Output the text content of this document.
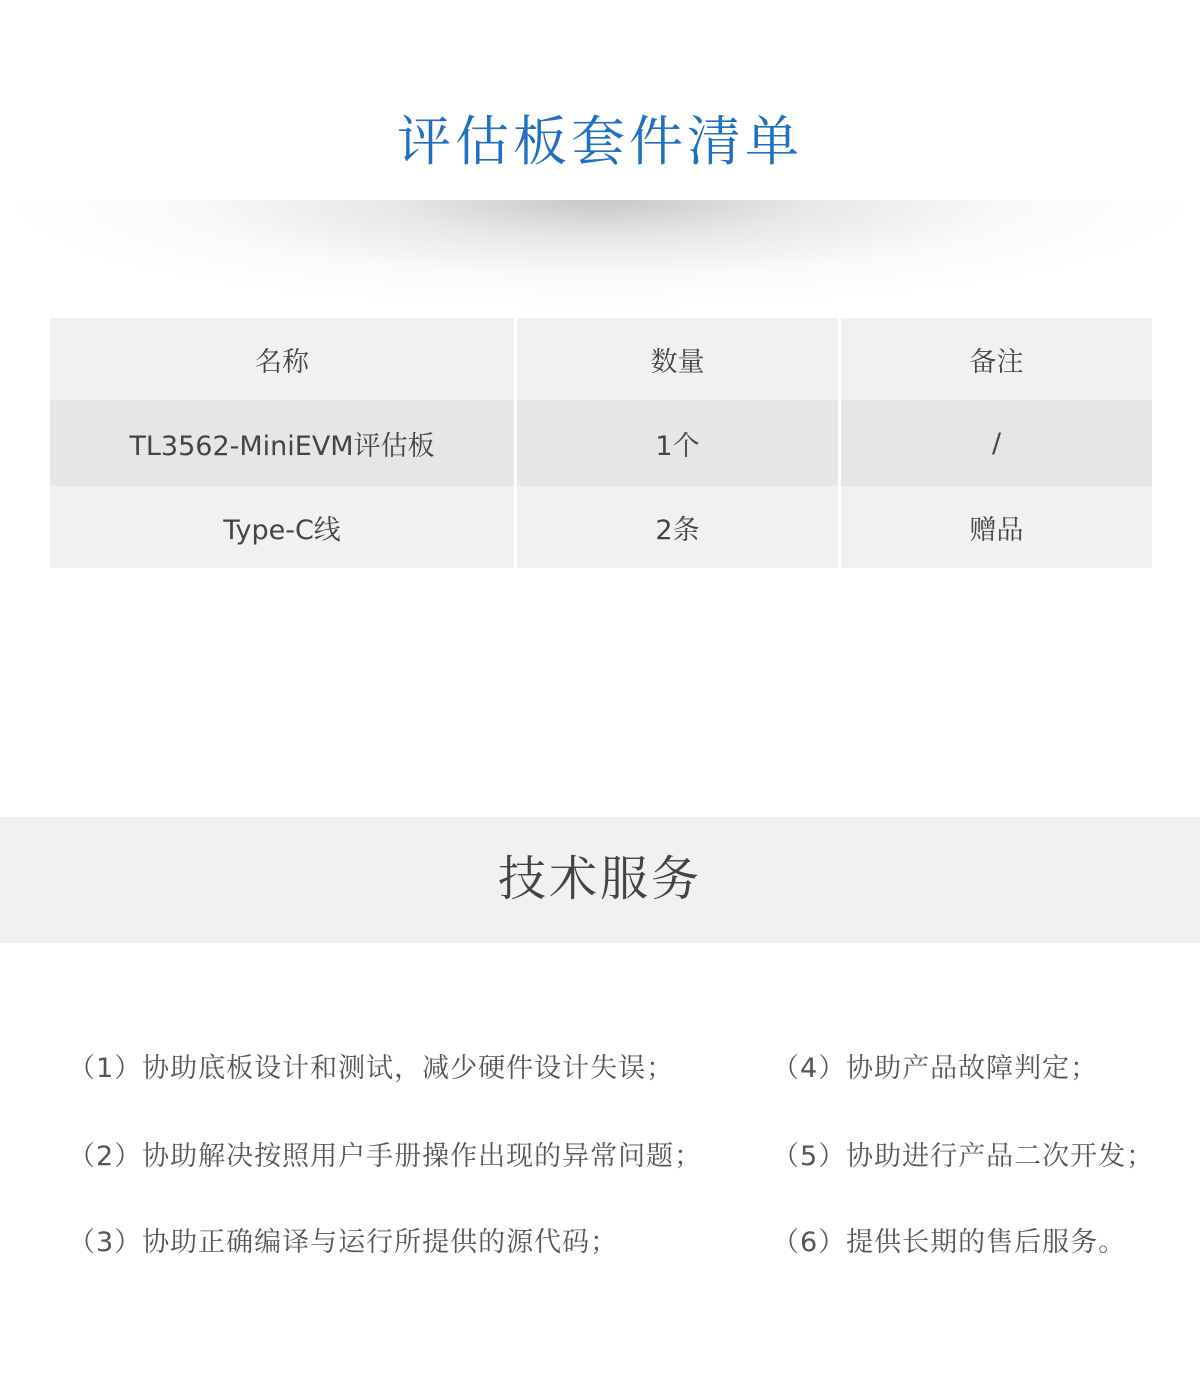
评估板套件清单
名称	数量	备注
TL3562-MiniEVM评估板	1个	/
Type-C线	2条	赠品
技术服务
（1）协助底板设计和测试，减少硬件设计失误；
（2）协助解决按照用户手册操作出现的异常问题；
（3）协助正确编译与运行所提供的源代码；
（4）协助产品故障判定；
（5）协助进行产品二次开发；
（6）提供长期的售后服务。
